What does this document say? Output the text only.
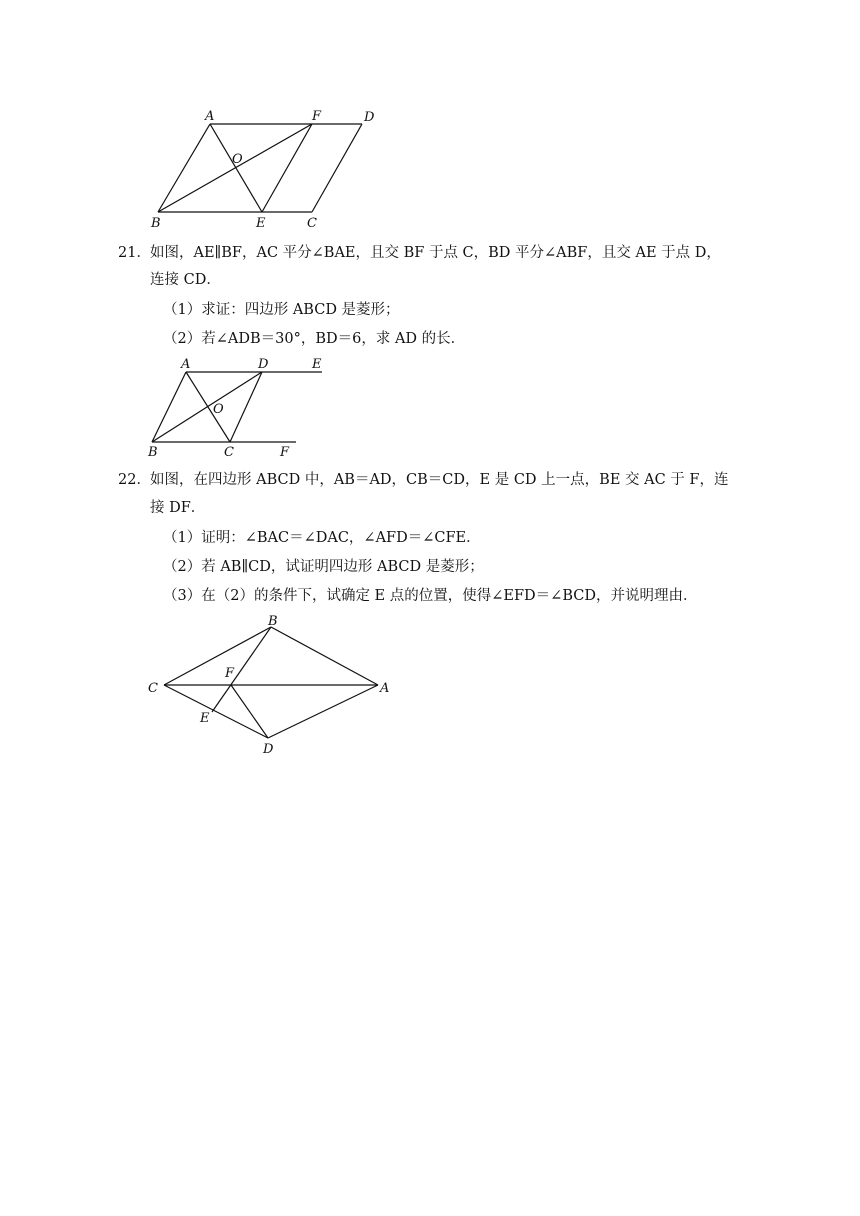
A	F	D
O
B	E	C
21． 如图，AE∥BF，AC 平分∠BAE，且交 BF 于点 C，BD 平分∠ABF，且交 AE 于点 D，
连接 CD．
（1）求证：四边形 ABCD 是菱形；
（2）若∠ADB＝30°，BD＝6，求 AD 的长．
A	D	E
O
B	C	F
22． 如图，在四边形 ABCD 中，AB＝AD，CB＝CD，E 是 CD 上一点，BE 交 AC 于 F，连
接 DF．
（1）证明：∠BAC＝∠DAC，∠AFD＝∠CFE．
（2）若 AB∥CD，试证明四边形 ABCD 是菱形；
（3）在（2）的条件下，试确定 E 点的位置，使得∠EFD＝∠BCD，并说明理由．
B
C
F
A
E
D
